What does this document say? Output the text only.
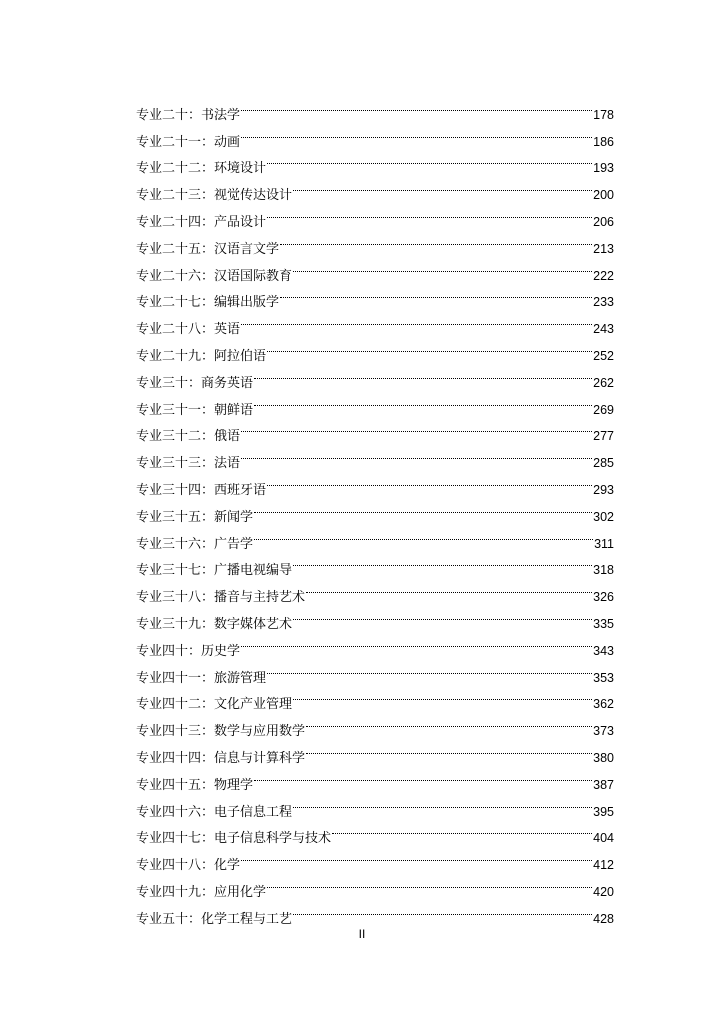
专业二十：书法学	178
专业二十一：动画	186
专业二十二：环境设计	193
专业二十三：视觉传达设计	200
专业二十四：产品设计	206
专业二十五：汉语言文学	213
专业二十六：汉语国际教育	222
专业二十七：编辑出版学	233
专业二十八：英语	243
专业二十九：阿拉伯语	252
专业三十：商务英语	262
专业三十一：朝鲜语	269
专业三十二：俄语	277
专业三十三：法语	285
专业三十四：西班牙语	293
专业三十五：新闻学	302
专业三十六：广告学	311
专业三十七：广播电视编导	318
专业三十八：播音与主持艺术	326
专业三十九：数字媒体艺术	335
专业四十：历史学	343
专业四十一：旅游管理	353
专业四十二：文化产业管理	362
专业四十三：数学与应用数学	373
专业四十四：信息与计算科学	380
专业四十五：物理学	387
专业四十六：电子信息工程	395
专业四十七：电子信息科学与技术	404
专业四十八：化学	412
专业四十九：应用化学	420
专业五十：化学工程与工艺	428
II
